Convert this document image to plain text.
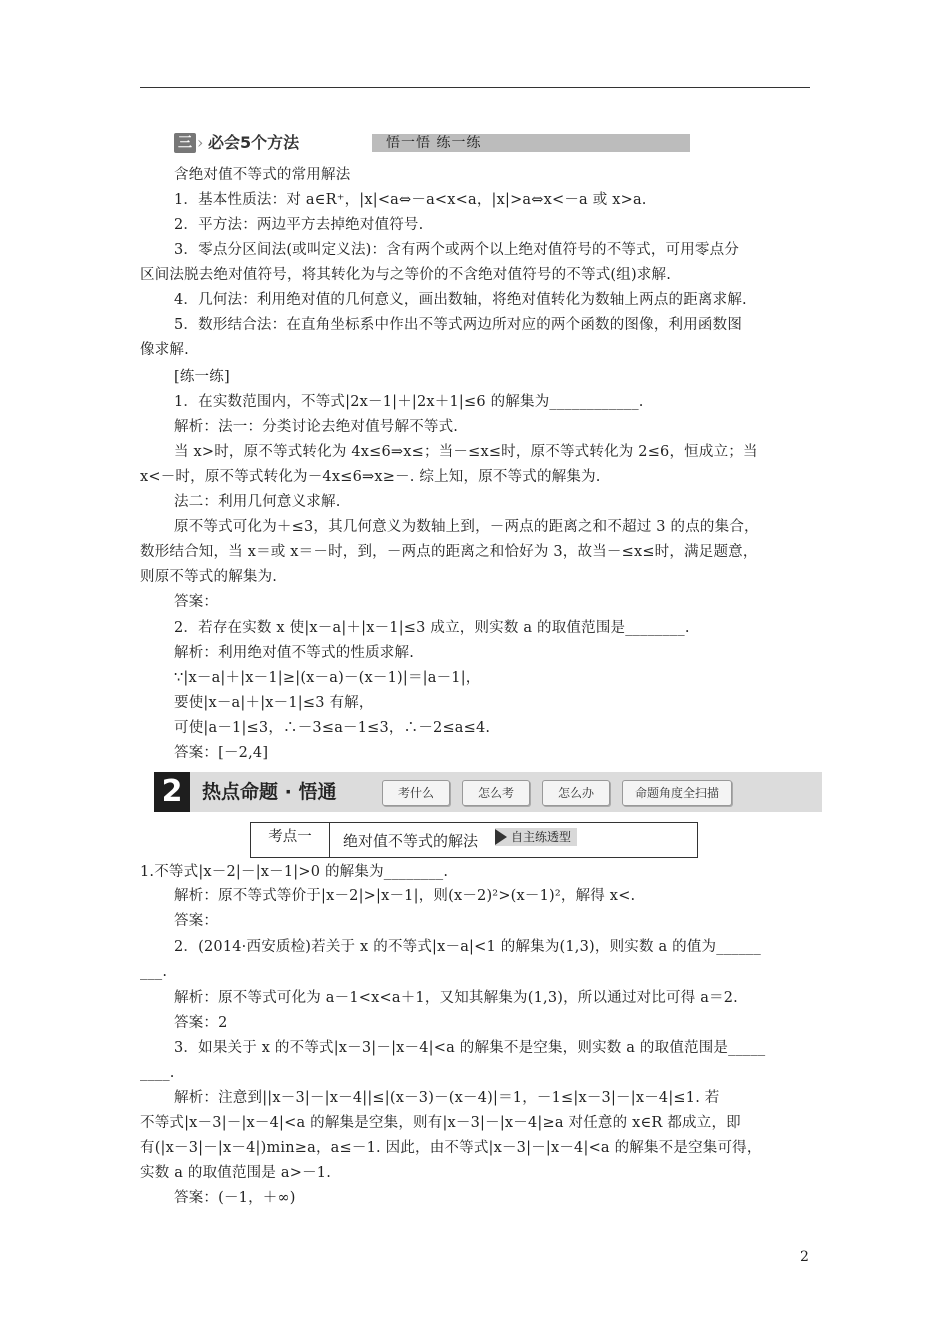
三 › 必会5个方法	悟一悟 练一练
含绝对值不等式的常用解法
1．基本性质法：对 a∈R⁺，|x|<a⇔－a<x<a，|x|>a⇔x<－a 或 x>a.
2．平方法：两边平方去掉绝对值符号.
3．零点分区间法(或叫定义法)：含有两个或两个以上绝对值符号的不等式，可用零点分
区间法脱去绝对值符号，将其转化为与之等价的不含绝对值符号的不等式(组)求解.
4．几何法：利用绝对值的几何意义，画出数轴，将绝对值转化为数轴上两点的距离求解.
5．数形结合法：在直角坐标系中作出不等式两边所对应的两个函数的图像，利用函数图
像求解.
[练一练]
1．在实数范围内，不等式|2x－1|＋|2x＋1|≤6 的解集为____________.
解析：法一：分类讨论去绝对值号解不等式.
当 x>时，原不等式转化为 4x≤6⇒x≤；当－≤x≤时，原不等式转化为 2≤6，恒成立；当
x<－时，原不等式转化为－4x≤6⇒x≥－. 综上知，原不等式的解集为.
法二：利用几何意义求解.
原不等式可化为＋≤3，其几何意义为数轴上到，－两点的距离之和不超过 3 的点的集合，
数形结合知，当 x＝或 x＝－时，到，－两点的距离之和恰好为 3，故当－≤x≤时，满足题意，
则原不等式的解集为.
答案：
2．若存在实数 x 使|x－a|＋|x－1|≤3 成立，则实数 a 的取值范围是________.
解析：利用绝对值不等式的性质求解.
∵|x－a|＋|x－1|≥|(x－a)－(x－1)|＝|a－1|，
要使|x－a|＋|x－1|≤3 有解，
可使|a－1|≤3，∴－3≤a－1≤3，∴－2≤a≤4.
答案：[－2,4]
2	热点命题 · 悟通	考什么	怎么考	怎么办	命题角度全扫描
考点一	绝对值不等式的解法	自主练透型
1.不等式|x－2|－|x－1|>0 的解集为________.
解析：原不等式等价于|x－2|>|x－1|，则(x－2)²>(x－1)²，解得 x<.
答案：
2．(2014·西安质检)若关于 x 的不等式|x－a|<1 的解集为(1,3)，则实数 a 的值为______
___.
解析：原不等式可化为 a－1<x<a＋1，又知其解集为(1,3)，所以通过对比可得 a＝2.
答案：2
3．如果关于 x 的不等式|x－3|－|x－4|<a 的解集不是空集，则实数 a 的取值范围是_____
____.
解析：注意到||x－3|－|x－4||≤|(x－3)－(x－4)|＝1，－1≤|x－3|－|x－4|≤1. 若
不等式|x－3|－|x－4|<a 的解集是空集，则有|x－3|－|x－4|≥a 对任意的 x∈R 都成立，即
有(|x－3|－|x－4|)min≥a，a≤－1. 因此，由不等式|x－3|－|x－4|<a 的解集不是空集可得，
实数 a 的取值范围是 a>－1.
答案：(－1，＋∞)
2
